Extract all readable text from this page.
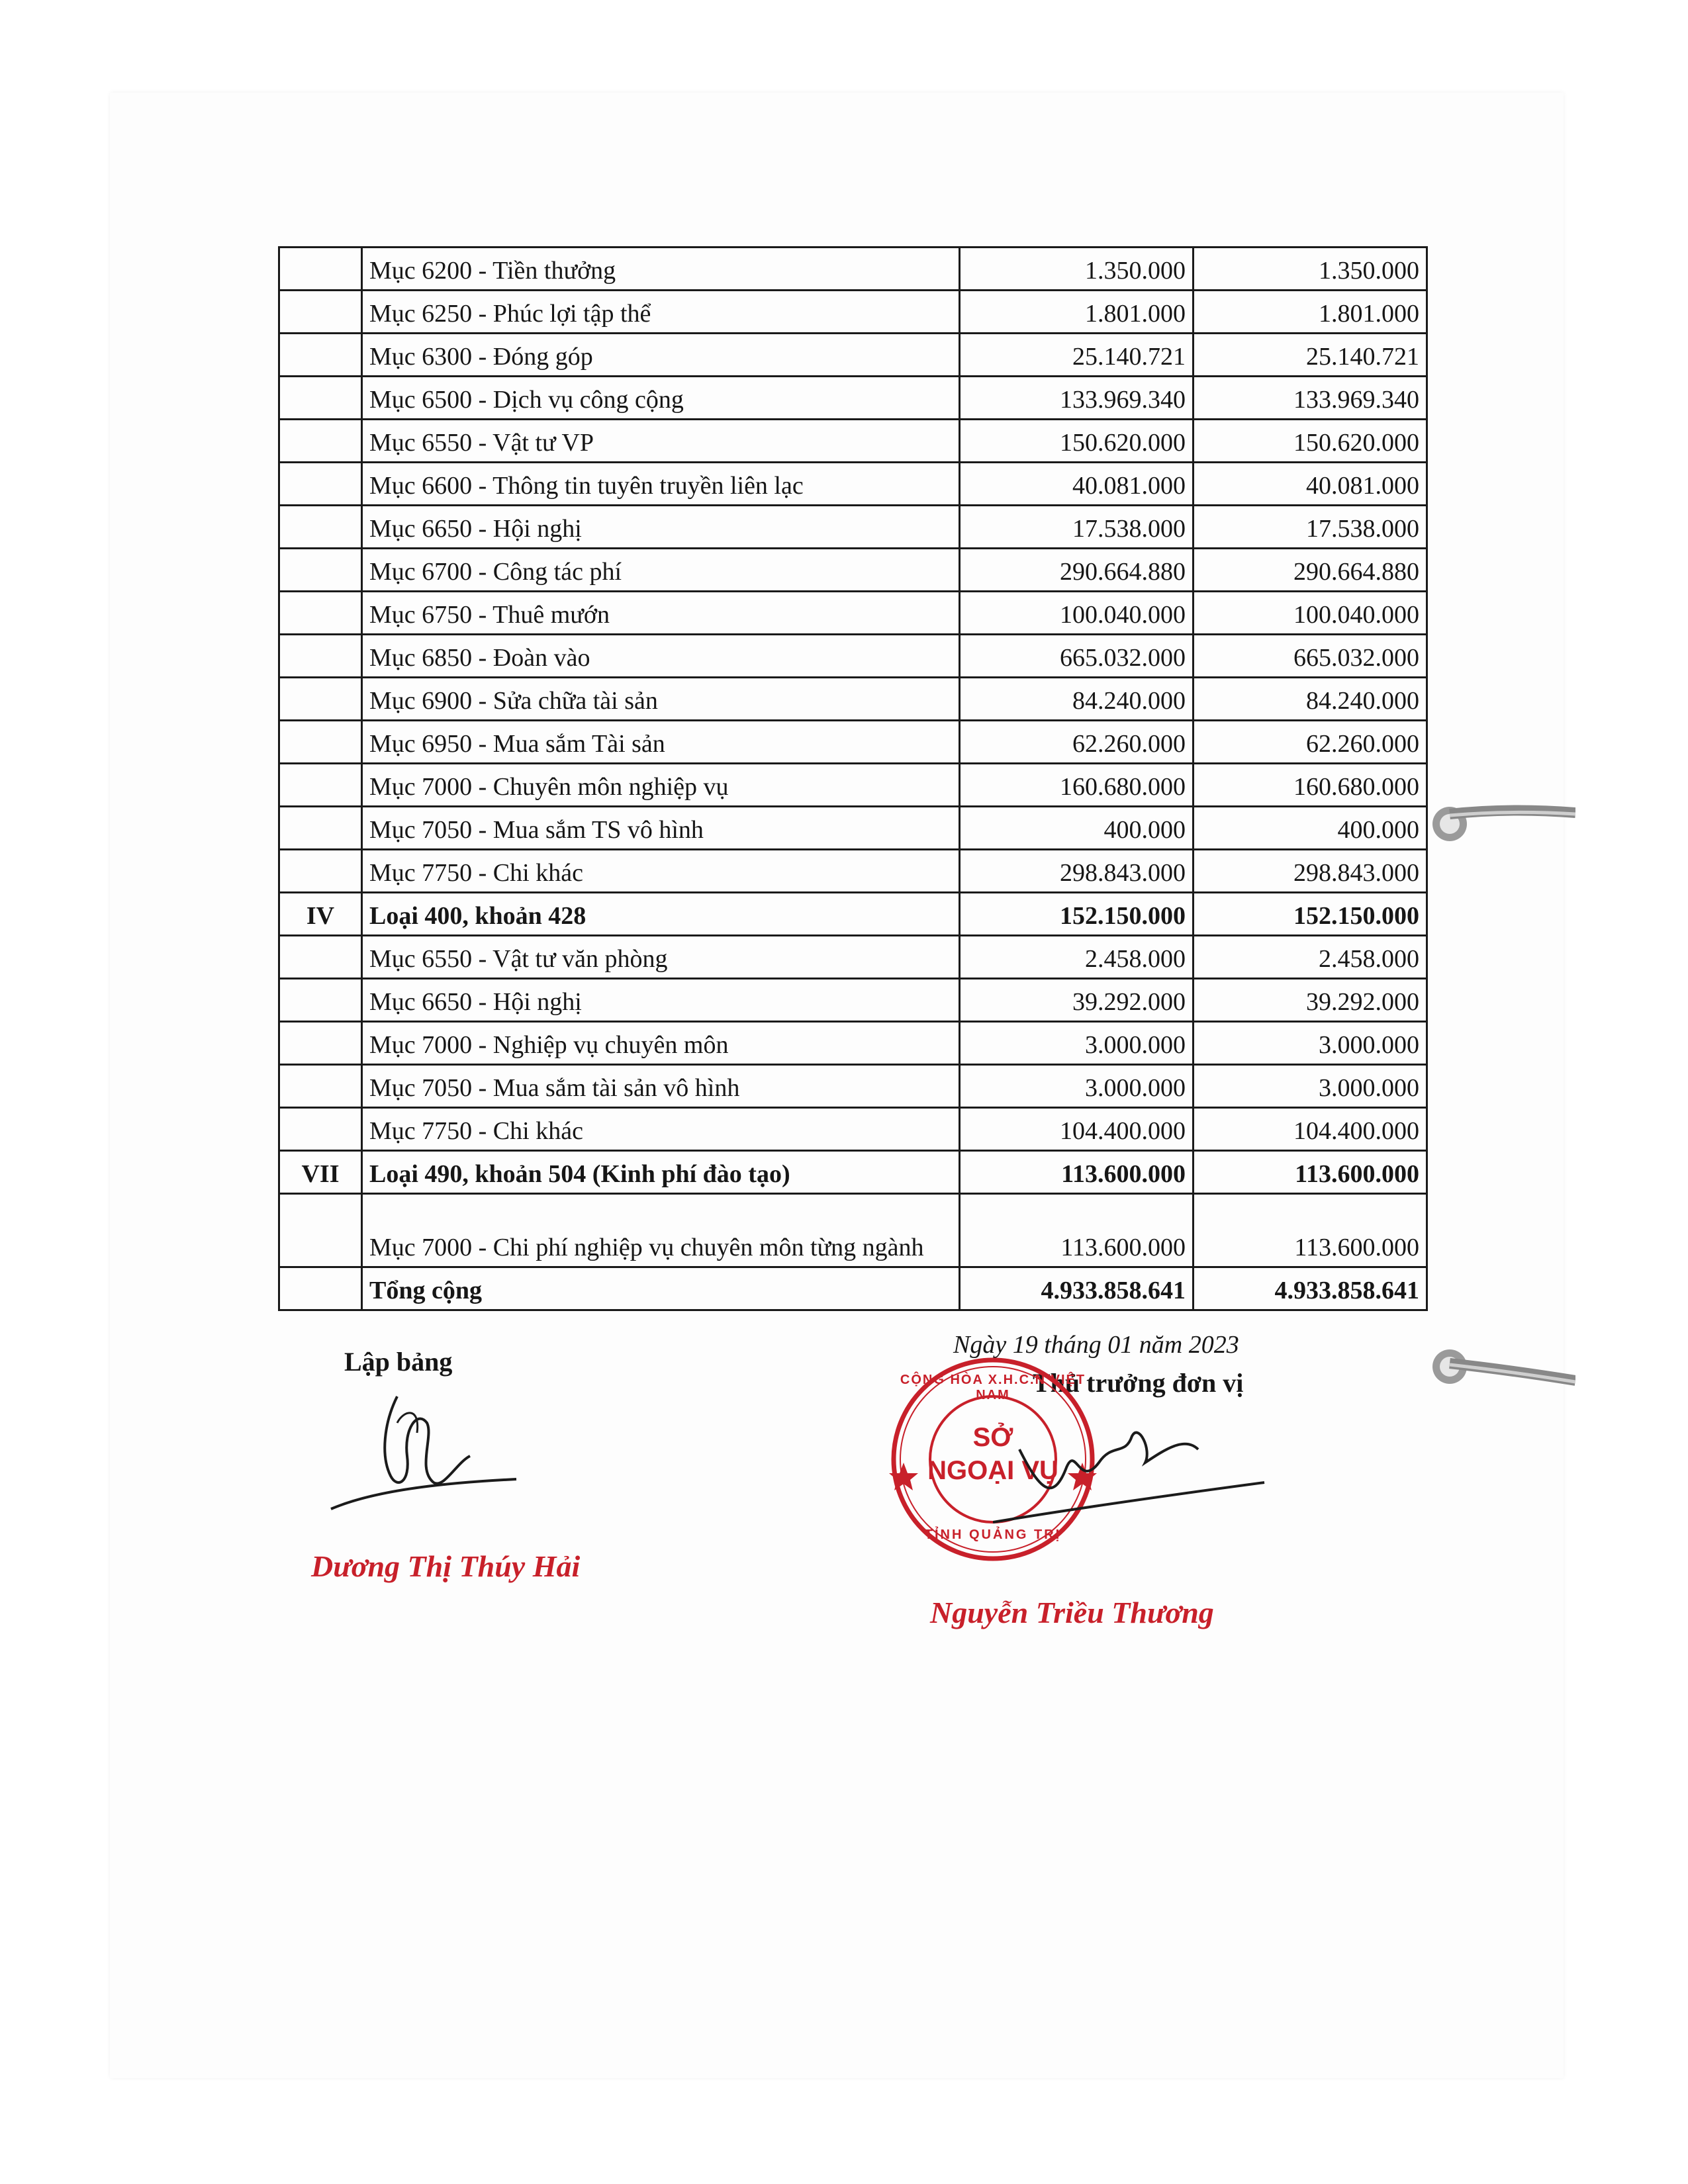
	Mục 6200 - Tiền thưởng	1.350.000	1.350.000
	Mục 6250 - Phúc lợi tập thể	1.801.000	1.801.000
	Mục 6300 - Đóng góp	25.140.721	25.140.721
	Mục 6500 - Dịch vụ công cộng	133.969.340	133.969.340
	Mục 6550 - Vật tư VP	150.620.000	150.620.000
	Mục 6600 - Thông tin tuyên truyền liên lạc	40.081.000	40.081.000
	Mục 6650 - Hội nghị	17.538.000	17.538.000
	Mục 6700 - Công tác phí	290.664.880	290.664.880
	Mục 6750 - Thuê mướn	100.040.000	100.040.000
	Mục 6850 - Đoàn vào	665.032.000	665.032.000
	Mục 6900 - Sửa chữa tài sản	84.240.000	84.240.000
	Mục 6950 - Mua sắm Tài sản	62.260.000	62.260.000
	Mục 7000 - Chuyên môn nghiệp vụ	160.680.000	160.680.000
	Mục 7050 - Mua sắm TS vô hình	400.000	400.000
	Mục 7750 - Chi khác	298.843.000	298.843.000
IV	Loại 400, khoản 428	152.150.000	152.150.000
	Mục 6550 - Vật tư văn phòng	2.458.000	2.458.000
	Mục 6650 - Hội nghị	39.292.000	39.292.000
	Mục 7000 - Nghiệp vụ chuyên môn	3.000.000	3.000.000
	Mục 7050 - Mua sắm tài sản vô hình	3.000.000	3.000.000
	Mục 7750 - Chi khác	104.400.000	104.400.000
VII	Loại 490, khoản 504 (Kinh phí đào tạo)	113.600.000	113.600.000
	Mục 7000 - Chi phí nghiệp vụ chuyên môn từng ngành	113.600.000	113.600.000
	Tổng cộng	4.933.858.641	4.933.858.641
Ngày 19 tháng 01 năm 2023
Lập bảng
Thủ trưởng đơn vị
CỘNG HÒA X.H.C.N VIỆT NAM
SỞ
NGOẠI VỤ
TỈNH QUẢNG TRỊ
Dương Thị Thúy Hải
Nguyễn Triều Thương
